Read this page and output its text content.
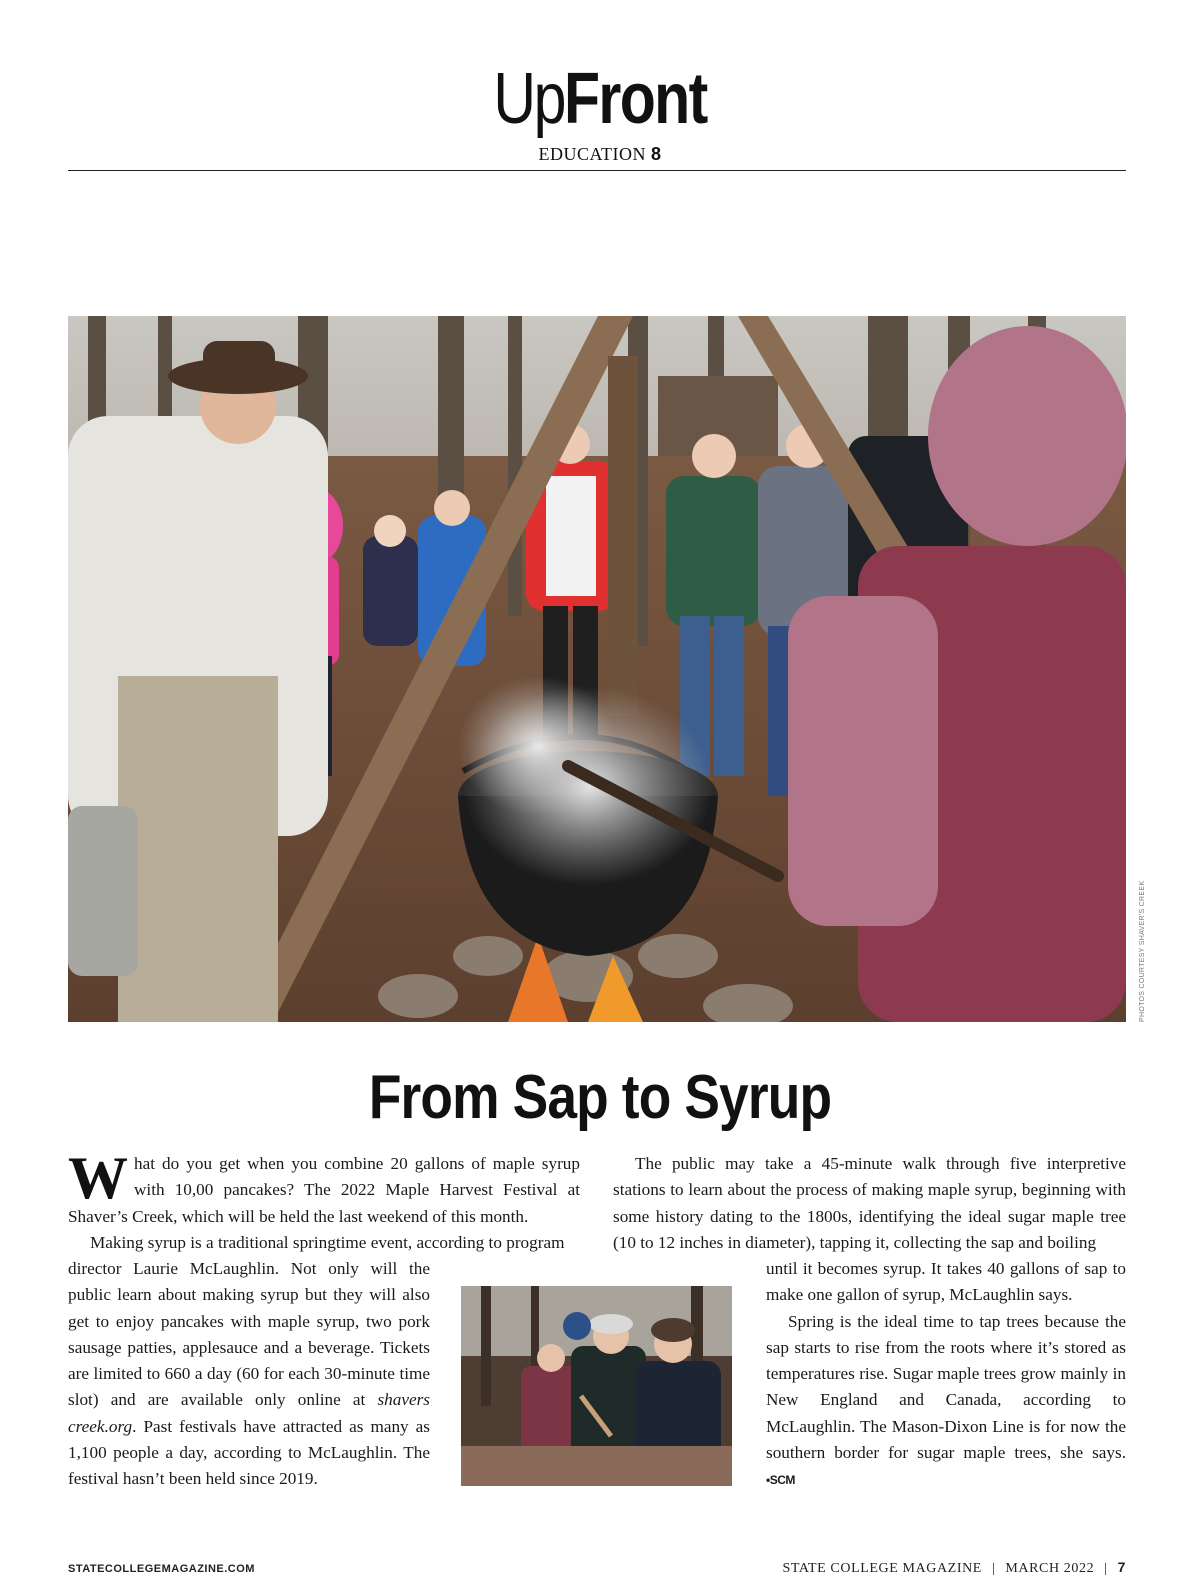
UpFront
EDUCATION 8
PHOTOS COURTESY SHAVER'S CREEK
From Sap to Syrup

What do you get when you combine 20 gallons of maple syrup with 10,00 pancakes? The 2022 Maple Harvest Festival at Shaver’s Creek, which will be held the last weekend of this month.

Making syrup is a traditional springtime event, according to program

director Laurie McLaughlin. Not only will the public learn about making syrup but they will also get to enjoy pancakes with maple syrup, two pork sausage patties, applesauce and a beverage. Tickets are limited to 660 a day (60 for each 30-minute time slot) and are available only online at shavers creek.org. Past festivals have attracted as many as 1,100 people a day, according to McLaughlin. The festival hasn’t been held since 2019.

The public may take a 45-minute walk through five interpretive stations to learn about the process of making maple syrup, beginning with some history dating to the 1800s, identifying the ideal sugar maple tree (10 to 12 inches in diameter), tapping it, collecting the sap and boiling

until it becomes syrup. It takes 40 gallons of sap to make one gallon of syrup, McLaughlin says.

Spring is the ideal time to tap trees because the sap starts to rise from the roots where it’s stored as temperatures rise. Sugar maple trees grow mainly in New England and Canada, according to McLaughlin. The Mason-Dixon Line is for now the southern border for sugar maple trees, she says. •SCM

STATECOLLEGEMAGAZINE.COM	STATE COLLEGE MAGAZINE | MARCH 2022 | 7
